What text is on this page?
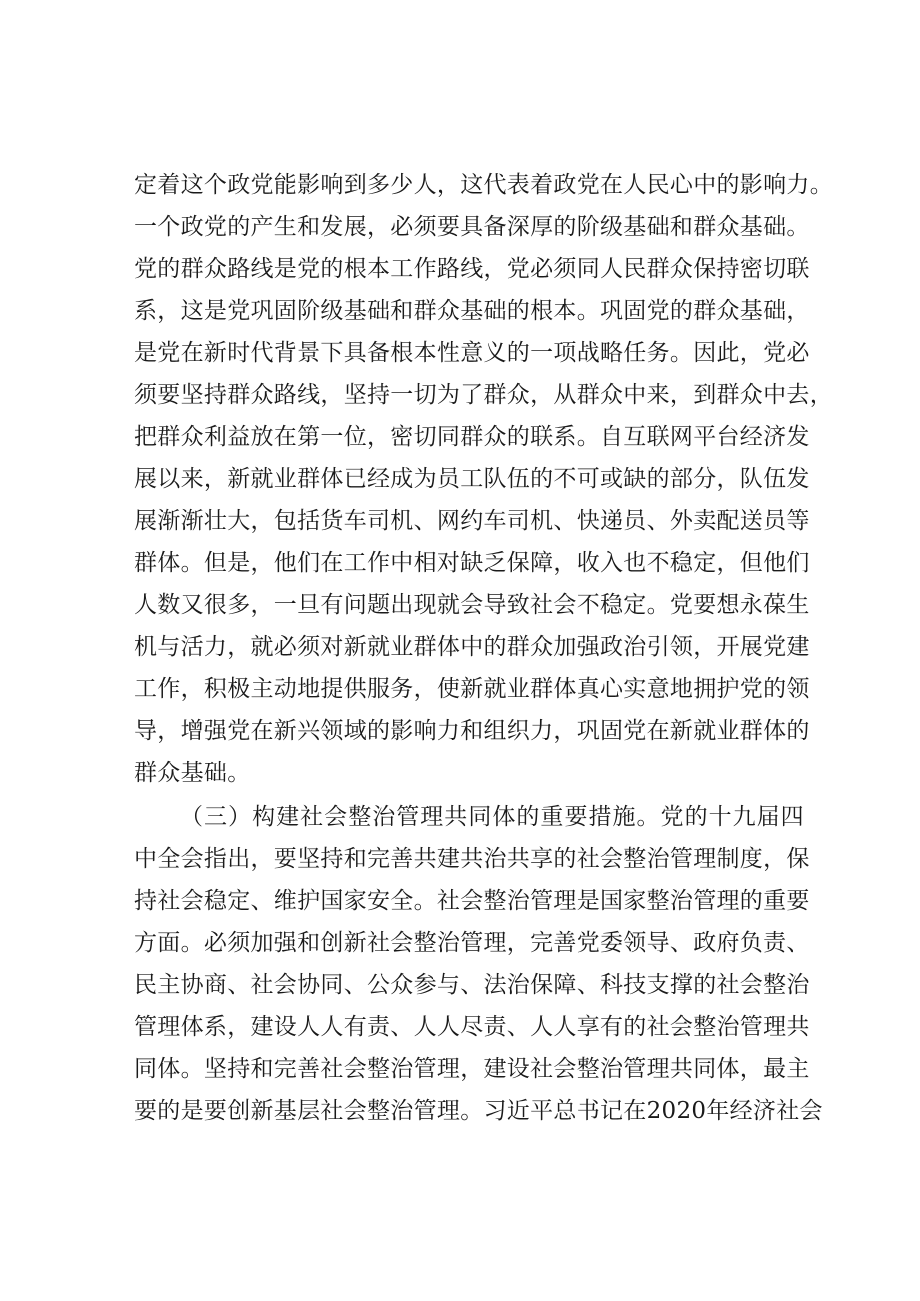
定着这个政党能影响到多少人，这代表着政党在人民心中的影响力。
一个政党的产生和发展，必须要具备深厚的阶级基础和群众基础。
党的群众路线是党的根本工作路线，党必须同人民群众保持密切联
系，这是党巩固阶级基础和群众基础的根本。巩固党的群众基础，
是党在新时代背景下具备根本性意义的一项战略任务。因此，党必
须要坚持群众路线，坚持一切为了群众，从群众中来，到群众中去，
把群众利益放在第一位，密切同群众的联系。自互联网平台经济发
展以来，新就业群体已经成为员工队伍的不可或缺的部分，队伍发
展渐渐壮大，包括货车司机、网约车司机、快递员、外卖配送员等
群体。但是，他们在工作中相对缺乏保障，收入也不稳定，但他们
人数又很多，一旦有问题出现就会导致社会不稳定。党要想永葆生
机与活力，就必须对新就业群体中的群众加强政治引领，开展党建
工作，积极主动地提供服务，使新就业群体真心实意地拥护党的领
导，增强党在新兴领域的影响力和组织力，巩固党在新就业群体的
群众基础。
（三）构建社会整治管理共同体的重要措施。党的十九届四
中全会指出，要坚持和完善共建共治共享的社会整治管理制度，保
持社会稳定、维护国家安全。社会整治管理是国家整治管理的重要
方面。必须加强和创新社会整治管理，完善党委领导、政府负责、
民主协商、社会协同、公众参与、法治保障、科技支撑的社会整治
管理体系，建设人人有责、人人尽责、人人享有的社会整治管理共
同体。坚持和完善社会整治管理，建设社会整治管理共同体，最主
要的是要创新基层社会整治管理。习近平总书记在2020年经济社会
